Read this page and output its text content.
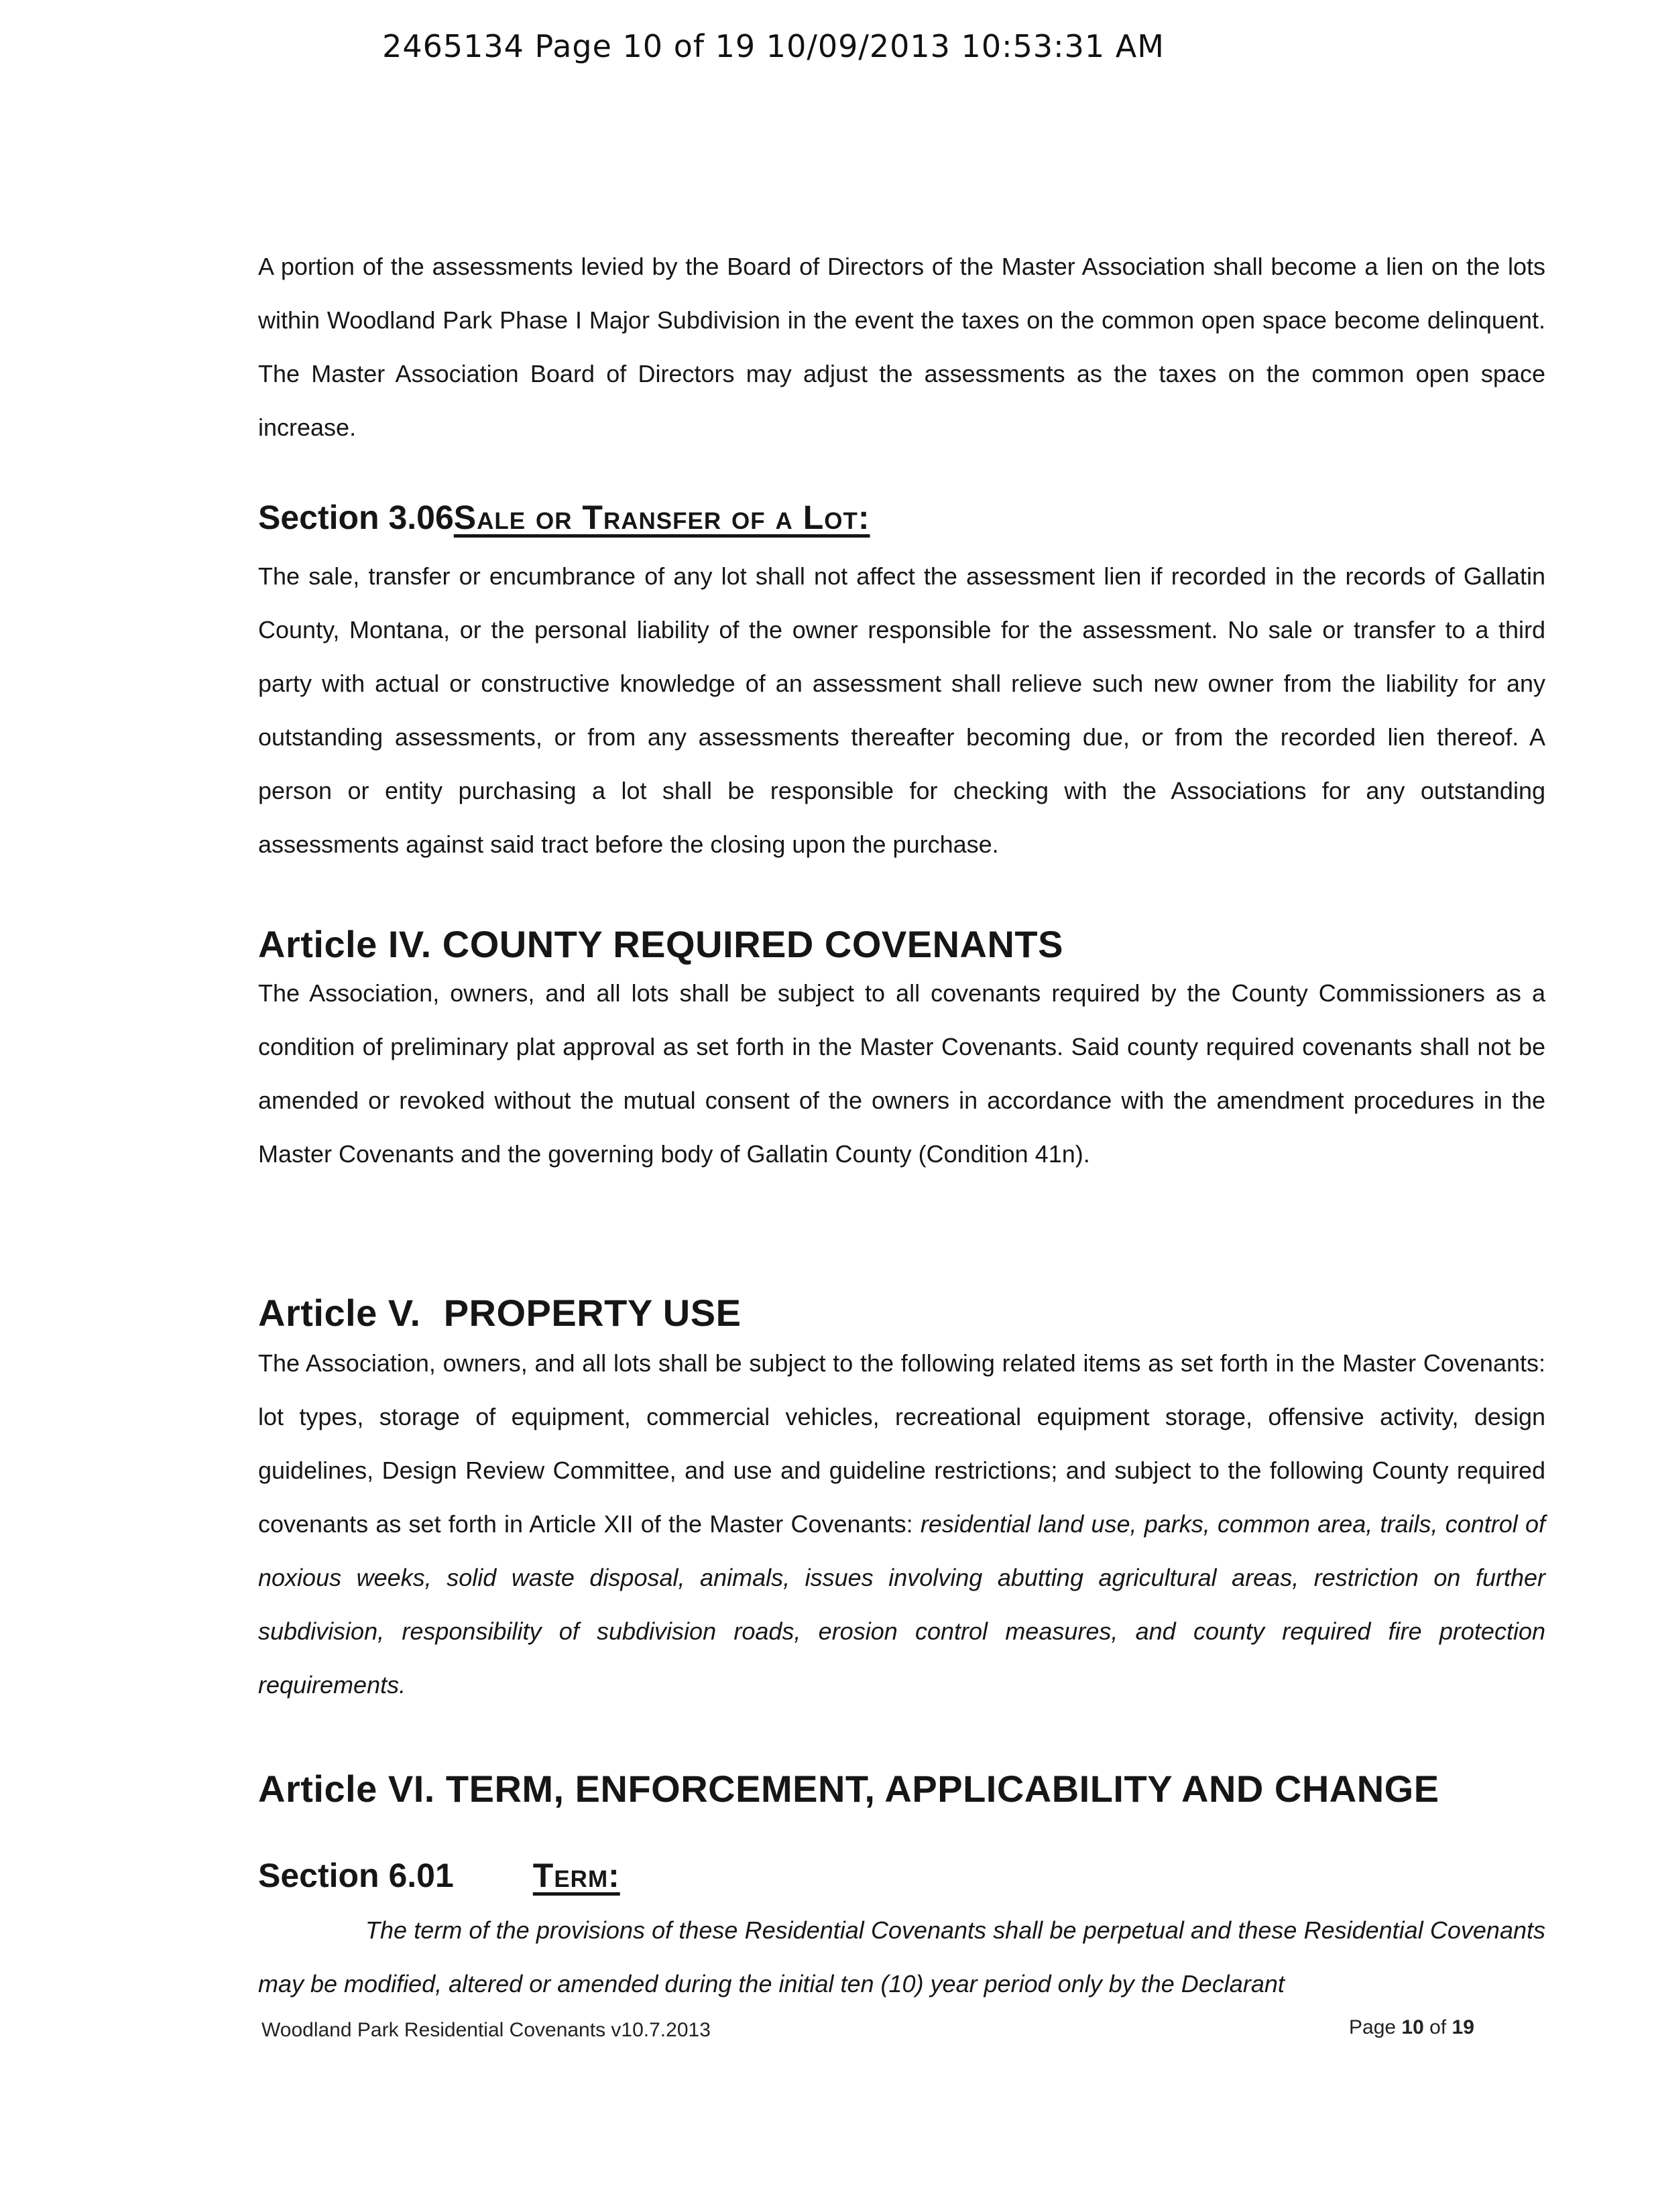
2465134 Page 10 of 19 10/09/2013 10:53:31 AM

A portion of the assessments levied by the Board of Directors of the Master Association shall become a lien on the lots within Woodland Park Phase I Major Subdivision in the event the taxes on the common open space become delinquent. The Master Association Board of Directors may adjust the assessments as the taxes on the common open space increase.

Section 3.06Sale or Transfer of a Lot:

The sale, transfer or encumbrance of any lot shall not affect the assessment lien if recorded in the records of Gallatin County, Montana, or the personal liability of the owner responsible for the assessment. No sale or transfer to a third party with actual or constructive knowledge of an assessment shall relieve such new owner from the liability for any outstanding assessments, or from any assessments thereafter becoming due, or from the recorded lien thereof. A person or entity purchasing a lot shall be responsible for checking with the Associations for any outstanding assessments against said tract before the closing upon the purchase.

Article IV. COUNTY REQUIRED COVENANTS

The Association, owners, and all lots shall be subject to all covenants required by the County Commissioners as a condition of preliminary plat approval as set forth in the Master Covenants. Said county required covenants shall not be amended or revoked without the mutual consent of the owners in accordance with the amendment procedures in the Master Covenants and the governing body of Gallatin County (Condition 41n).

Article V. PROPERTY USE

The Association, owners, and all lots shall be subject to the following related items as set forth in the Master Covenants: lot types, storage of equipment, commercial vehicles, recreational equipment storage, offensive activity, design guidelines, Design Review Committee, and use and guideline restrictions; and subject to the following County required covenants as set forth in Article XII of the Master Covenants: residential land use, parks, common area, trails, control of noxious weeks, solid waste disposal, animals, issues involving abutting agricultural areas, restriction on further subdivision, responsibility of subdivision roads, erosion control measures, and county required fire protection requirements.

Article VI. TERM, ENFORCEMENT, APPLICABILITY AND CHANGE
Section 6.01 Term:

The term of the provisions of these Residential Covenants shall be perpetual and these Residential Covenants may be modified, altered or amended during the initial ten (10) year period only by the Declarant

Woodland Park Residential Covenants v10.7.2013	Page 10 of 19
